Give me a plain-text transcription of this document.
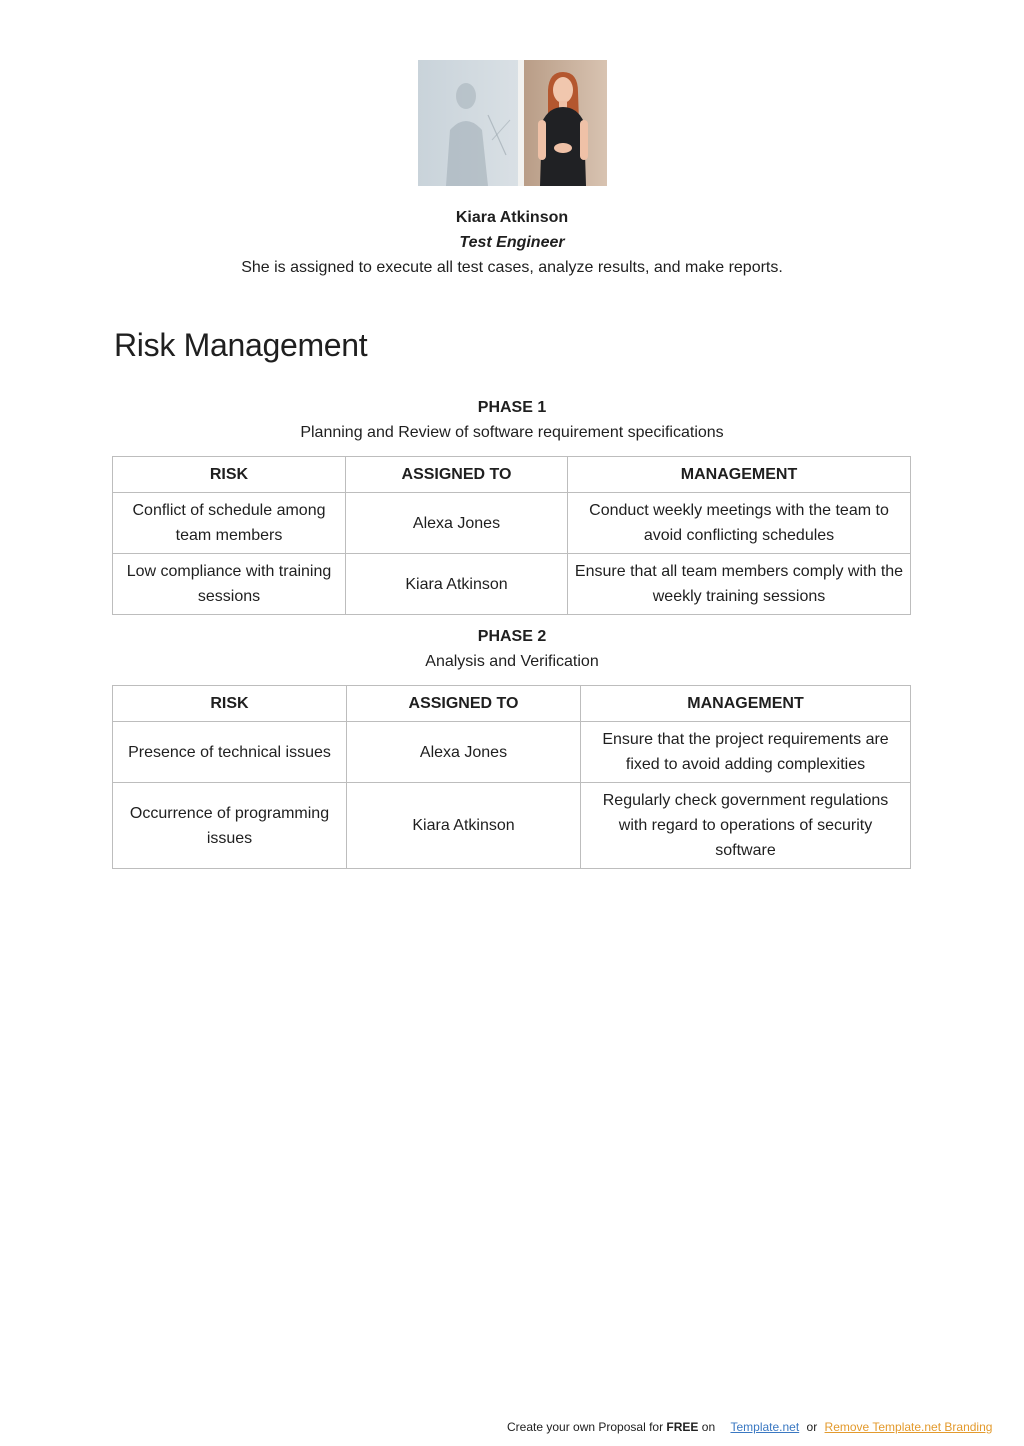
Kiara Atkinson
Test Engineer
She is assigned to execute all test cases, analyze results, and make reports.
Risk Management
PHASE 1
Planning and Review of software requirement specifications
RISK	ASSIGNED TO	MANAGEMENT
Conflict of schedule among team members	Alexa Jones	Conduct weekly meetings with the team to avoid conflicting schedules
Low compliance with training sessions	Kiara Atkinson	Ensure that all team members comply with the weekly training sessions
PHASE 2
Analysis and Verification
RISK	ASSIGNED TO	MANAGEMENT
Presence of technical issues	Alexa Jones	Ensure that the project requirements are fixed to avoid adding complexities
Occurrence of programming issues	Kiara Atkinson	Regularly check government regulations with regard to operations of security software
Create your own Proposal for FREE on Template.net or Remove Template.net Branding
